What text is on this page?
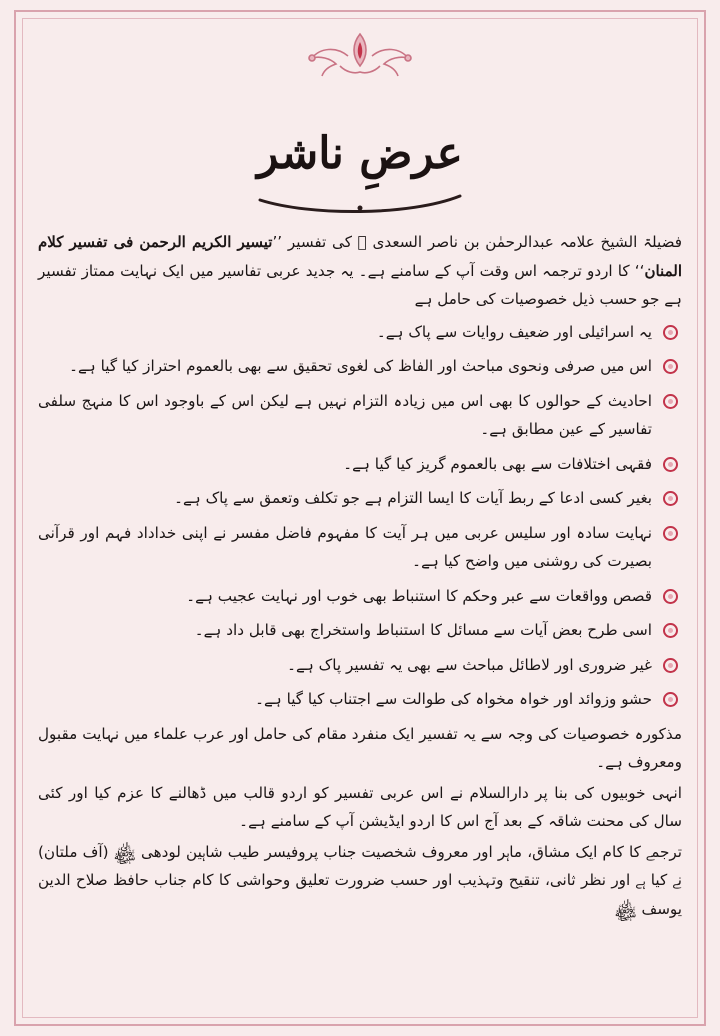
عرضِ ناشر

فضیلۃ الشیخ علامہ عبدالرحمٰن بن ناصر السعدی ﷫ کی تفسیر ’’تیسیر الکریم الرحمن فی تفسیر کلام المنان‘‘ کا اردو ترجمہ اس وقت آپ کے سامنے ہے۔ یہ جدید عربی تفاسیر میں ایک نہایت ممتاز تفسیر ہے جو حسب ذیل خصوصیات کی حامل ہے

یہ اسرائیلی اور ضعیف روایات سے پاک ہے۔
اس میں صرفی ونحوی مباحث اور الفاظ کی لغوی تحقیق سے بھی بالعموم احتراز کیا گیا ہے۔
احادیث کے حوالوں کا بھی اس میں زیادہ التزام نہیں ہے لیکن اس کے باوجود اس کا منہج سلفی تفاسیر کے عین مطابق ہے۔
فقہی اختلافات سے بھی بالعموم گریز کیا گیا ہے۔
بغیر کسی ادعا کے ربط آیات کا ایسا التزام ہے جو تکلف وتعمق سے پاک ہے۔
نہایت سادہ اور سلیس عربی میں ہر آیت کا مفہوم فاضل مفسر نے اپنی خداداد فہم اور قرآنی بصیرت کی روشنی میں واضح کیا ہے۔
قصص وواقعات سے عبر وحکم کا استنباط بھی خوب اور نہایت عجیب ہے۔
اسی طرح بعض آیات سے مسائل کا استنباط واستخراج بھی قابل داد ہے۔
غیر ضروری اور لاطائل مباحث سے بھی یہ تفسیر پاک ہے۔
حشو وزوائد اور خواہ مخواہ کی طوالت سے اجتناب کیا گیا ہے۔

مذکورہ خصوصیات کی وجہ سے یہ تفسیر ایک منفرد مقام کی حامل اور عرب علماء میں نہایت مقبول ومعروف ہے۔

انہی خوبیوں کی بنا پر دارالسلام نے اس عربی تفسیر کو اردو قالب میں ڈھالنے کا عزم کیا اور کئی سال کی محنت شاقہ کے بعد آج اس کا اردو ایڈیشن آپ کے سامنے ہے۔

ترجمے کا کام ایک مشاق، ماہر اور معروف شخصیت جناب پروفیسر طیب شاہین لودھی ﷾ (آف ملتان) نے کیا ہے اور نظر ثانی، تنقیح وتہذیب اور حسب ضرورت تعلیق وحواشی کا کام جناب حافظ صلاح الدین یوسف ﷾
